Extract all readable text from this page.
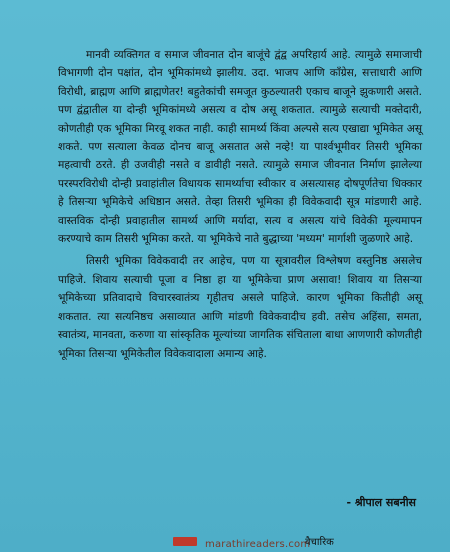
मानवी व्यक्तिगत व समाज जीवनात दोन बाजूंचे द्वंद्व अपरिहार्य आहे. त्यामुळे समाजाची विभागणी दोन पक्षांत, दोन भूमिकांमध्ये झालीय. उदा. भाजप आणि काँग्रेस, सत्ताधारी आणि विरोधी, ब्राह्मण आणि ब्राह्मणेतर! बहुतेकांची समजूत कुठल्यातरी एकाच बाजूने झुकणारी असते. पण द्वंद्वातील या दोन्ही भूमिकांमध्ये असत्य व दोष असू शकतात. त्यामुळे सत्याची मक्तेदारी, कोणतीही एक भूमिका मिरवू शकत नाही. काही सामर्थ्य किंवा अल्पसे सत्य एखाद्या भूमिकेत असू शकते. पण सत्याला केवळ दोनच बाजू असतात असे नव्हे! या पार्श्वभूमीवर तिसरी भूमिका महत्वाची ठरते. ही उजवीही नसते व डावीही नसते. त्यामुळे समाज जीवनात निर्माण झालेल्या परस्परविरोधी दोन्ही प्रवाहांतील विधायक सामर्थ्याचा स्वीकार व असत्यासह दोषपूर्णतेचा धिक्कार हे तिसऱ्या भूमिकेचे अधिष्ठान असते. तेव्हा तिसरी भूमिका ही विवेकवादी सूत्र मांडणारी आहे. वास्तविक दोन्ही प्रवाहातील सामर्थ्य आणि मर्यादा, सत्य व असत्य यांचे विवेकी मूल्यमापन करण्याचे काम तिसरी भूमिका करते. या भूमिकेचे नाते बुद्धाच्या 'मध्यम' मार्गाशी जुळणारे आहे.

तिसरी भूमिका विवेकवादी तर आहेच, पण या सूत्रावरील विश्लेषण वस्तुनिष्ठ असलेच पाहिजे. शिवाय सत्याची पूजा व निष्ठा हा या भूमिकेचा प्राण असावा! शिवाय या तिसऱ्या भूमिकेच्या प्रतिवादाचे विचारस्वातंत्र्य गृहीतच असले पाहिजे. कारण भूमिका कितीही असू शकतात. त्या सत्यनिष्ठच असाव्यात आणि मांडणी विवेकवादीच हवी. तसेच अहिंसा, समता, स्वातंत्र्य, मानवता, करुणा या सांस्कृतिक मूल्यांच्या जागतिक संचिताला बाधा आणणारी कोणतीही भूमिका तिसऱ्या भूमिकेतील विवेकवादाला अमान्य आहे.

- श्रीपाल सबनीस
marathireaders.com
वैचारिक
